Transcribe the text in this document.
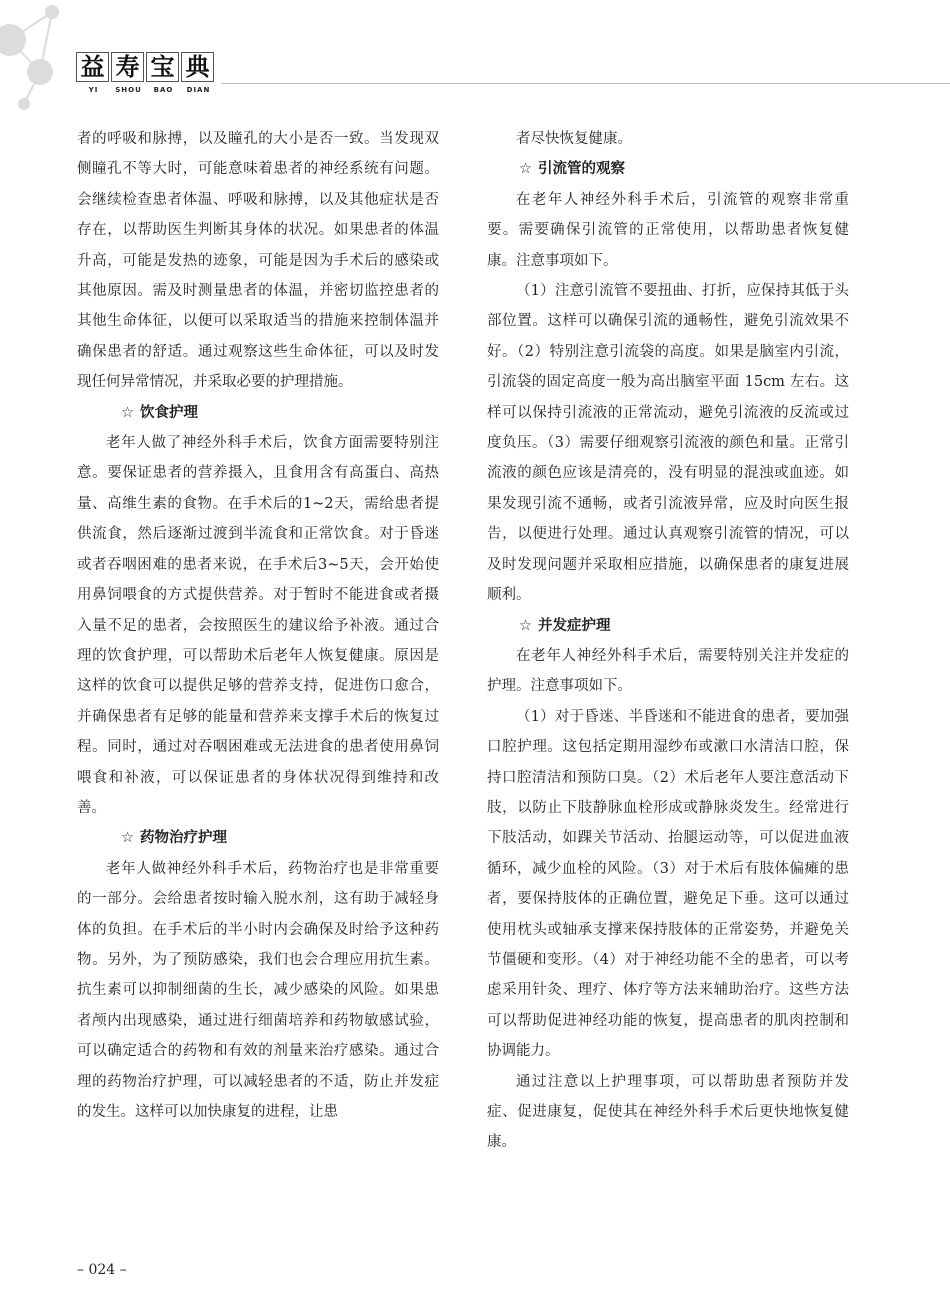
益 寿 宝 典
YI	SHOU	BAO	DIAN

者的呼吸和脉搏，以及瞳孔的大小是否一致。当发现双侧瞳孔不等大时，可能意味着患者的神经系统有问题。会继续检查患者体温、呼吸和脉搏，以及其他症状是否存在，以帮助医生判断其身体的状况。如果患者的体温升高，可能是发热的迹象，可能是因为手术后的感染或其他原因。需及时测量患者的体温，并密切监控患者的其他生命体征，以便可以采取适当的措施来控制体温并确保患者的舒适。通过观察这些生命体征，可以及时发现任何异常情况，并采取必要的护理措施。

☆ 饮食护理

老年人做了神经外科手术后，饮食方面需要特别注意。要保证患者的营养摄入，且食用含有高蛋白、高热量、高维生素的食物。在手术后的1~2天，需给患者提供流食，然后逐渐过渡到半流食和正常饮食。对于昏迷或者吞咽困难的患者来说，在手术后3~5天，会开始使用鼻饲喂食的方式提供营养。对于暂时不能进食或者摄入量不足的患者，会按照医生的建议给予补液。通过合理的饮食护理，可以帮助术后老年人恢复健康。原因是这样的饮食可以提供足够的营养支持，促进伤口愈合，并确保患者有足够的能量和营养来支撑手术后的恢复过程。同时，通过对吞咽困难或无法进食的患者使用鼻饲喂食和补液，可以保证患者的身体状况得到维持和改善。

☆ 药物治疗护理

老年人做神经外科手术后，药物治疗也是非常重要的一部分。会给患者按时输入脱水剂，这有助于减轻身体的负担。在手术后的半小时内会确保及时给予这种药物。另外，为了预防感染，我们也会合理应用抗生素。抗生素可以抑制细菌的生长，减少感染的风险。如果患者颅内出现感染，通过进行细菌培养和药物敏感试验，可以确定适合的药物和有效的剂量来治疗感染。通过合理的药物治疗护理，可以减轻患者的不适，防止并发症的发生。这样可以加快康复的进程，让患

者尽快恢复健康。

☆ 引流管的观察

在老年人神经外科手术后，引流管的观察非常重要。需要确保引流管的正常使用，以帮助患者恢复健康。注意事项如下。

（1）注意引流管不要扭曲、打折，应保持其低于头部位置。这样可以确保引流的通畅性，避免引流效果不好。（2）特别注意引流袋的高度。如果是脑室内引流，引流袋的固定高度一般为高出脑室平面 15cm 左右。这样可以保持引流液的正常流动，避免引流液的反流或过度负压。（3）需要仔细观察引流液的颜色和量。正常引流液的颜色应该是清亮的，没有明显的混浊或血迹。如果发现引流不通畅，或者引流液异常，应及时向医生报告，以便进行处理。通过认真观察引流管的情况，可以及时发现问题并采取相应措施，以确保患者的康复进展顺利。

☆ 并发症护理

在老年人神经外科手术后，需要特别关注并发症的护理。注意事项如下。

（1）对于昏迷、半昏迷和不能进食的患者，要加强口腔护理。这包括定期用湿纱布或漱口水清洁口腔，保持口腔清洁和预防口臭。（2）术后老年人要注意活动下肢，以防止下肢静脉血栓形成或静脉炎发生。经常进行下肢活动，如踝关节活动、抬腿运动等，可以促进血液循环，减少血栓的风险。（3）对于术后有肢体偏瘫的患者，要保持肢体的正确位置，避免足下垂。这可以通过使用枕头或轴承支撑来保持肢体的正常姿势，并避免关节僵硬和变形。（4）对于神经功能不全的患者，可以考虑采用针灸、理疗、体疗等方法来辅助治疗。这些方法可以帮助促进神经功能的恢复，提高患者的肌肉控制和协调能力。

通过注意以上护理事项，可以帮助患者预防并发症、促进康复，促使其在神经外科手术后更快地恢复健康。

– 024 –
